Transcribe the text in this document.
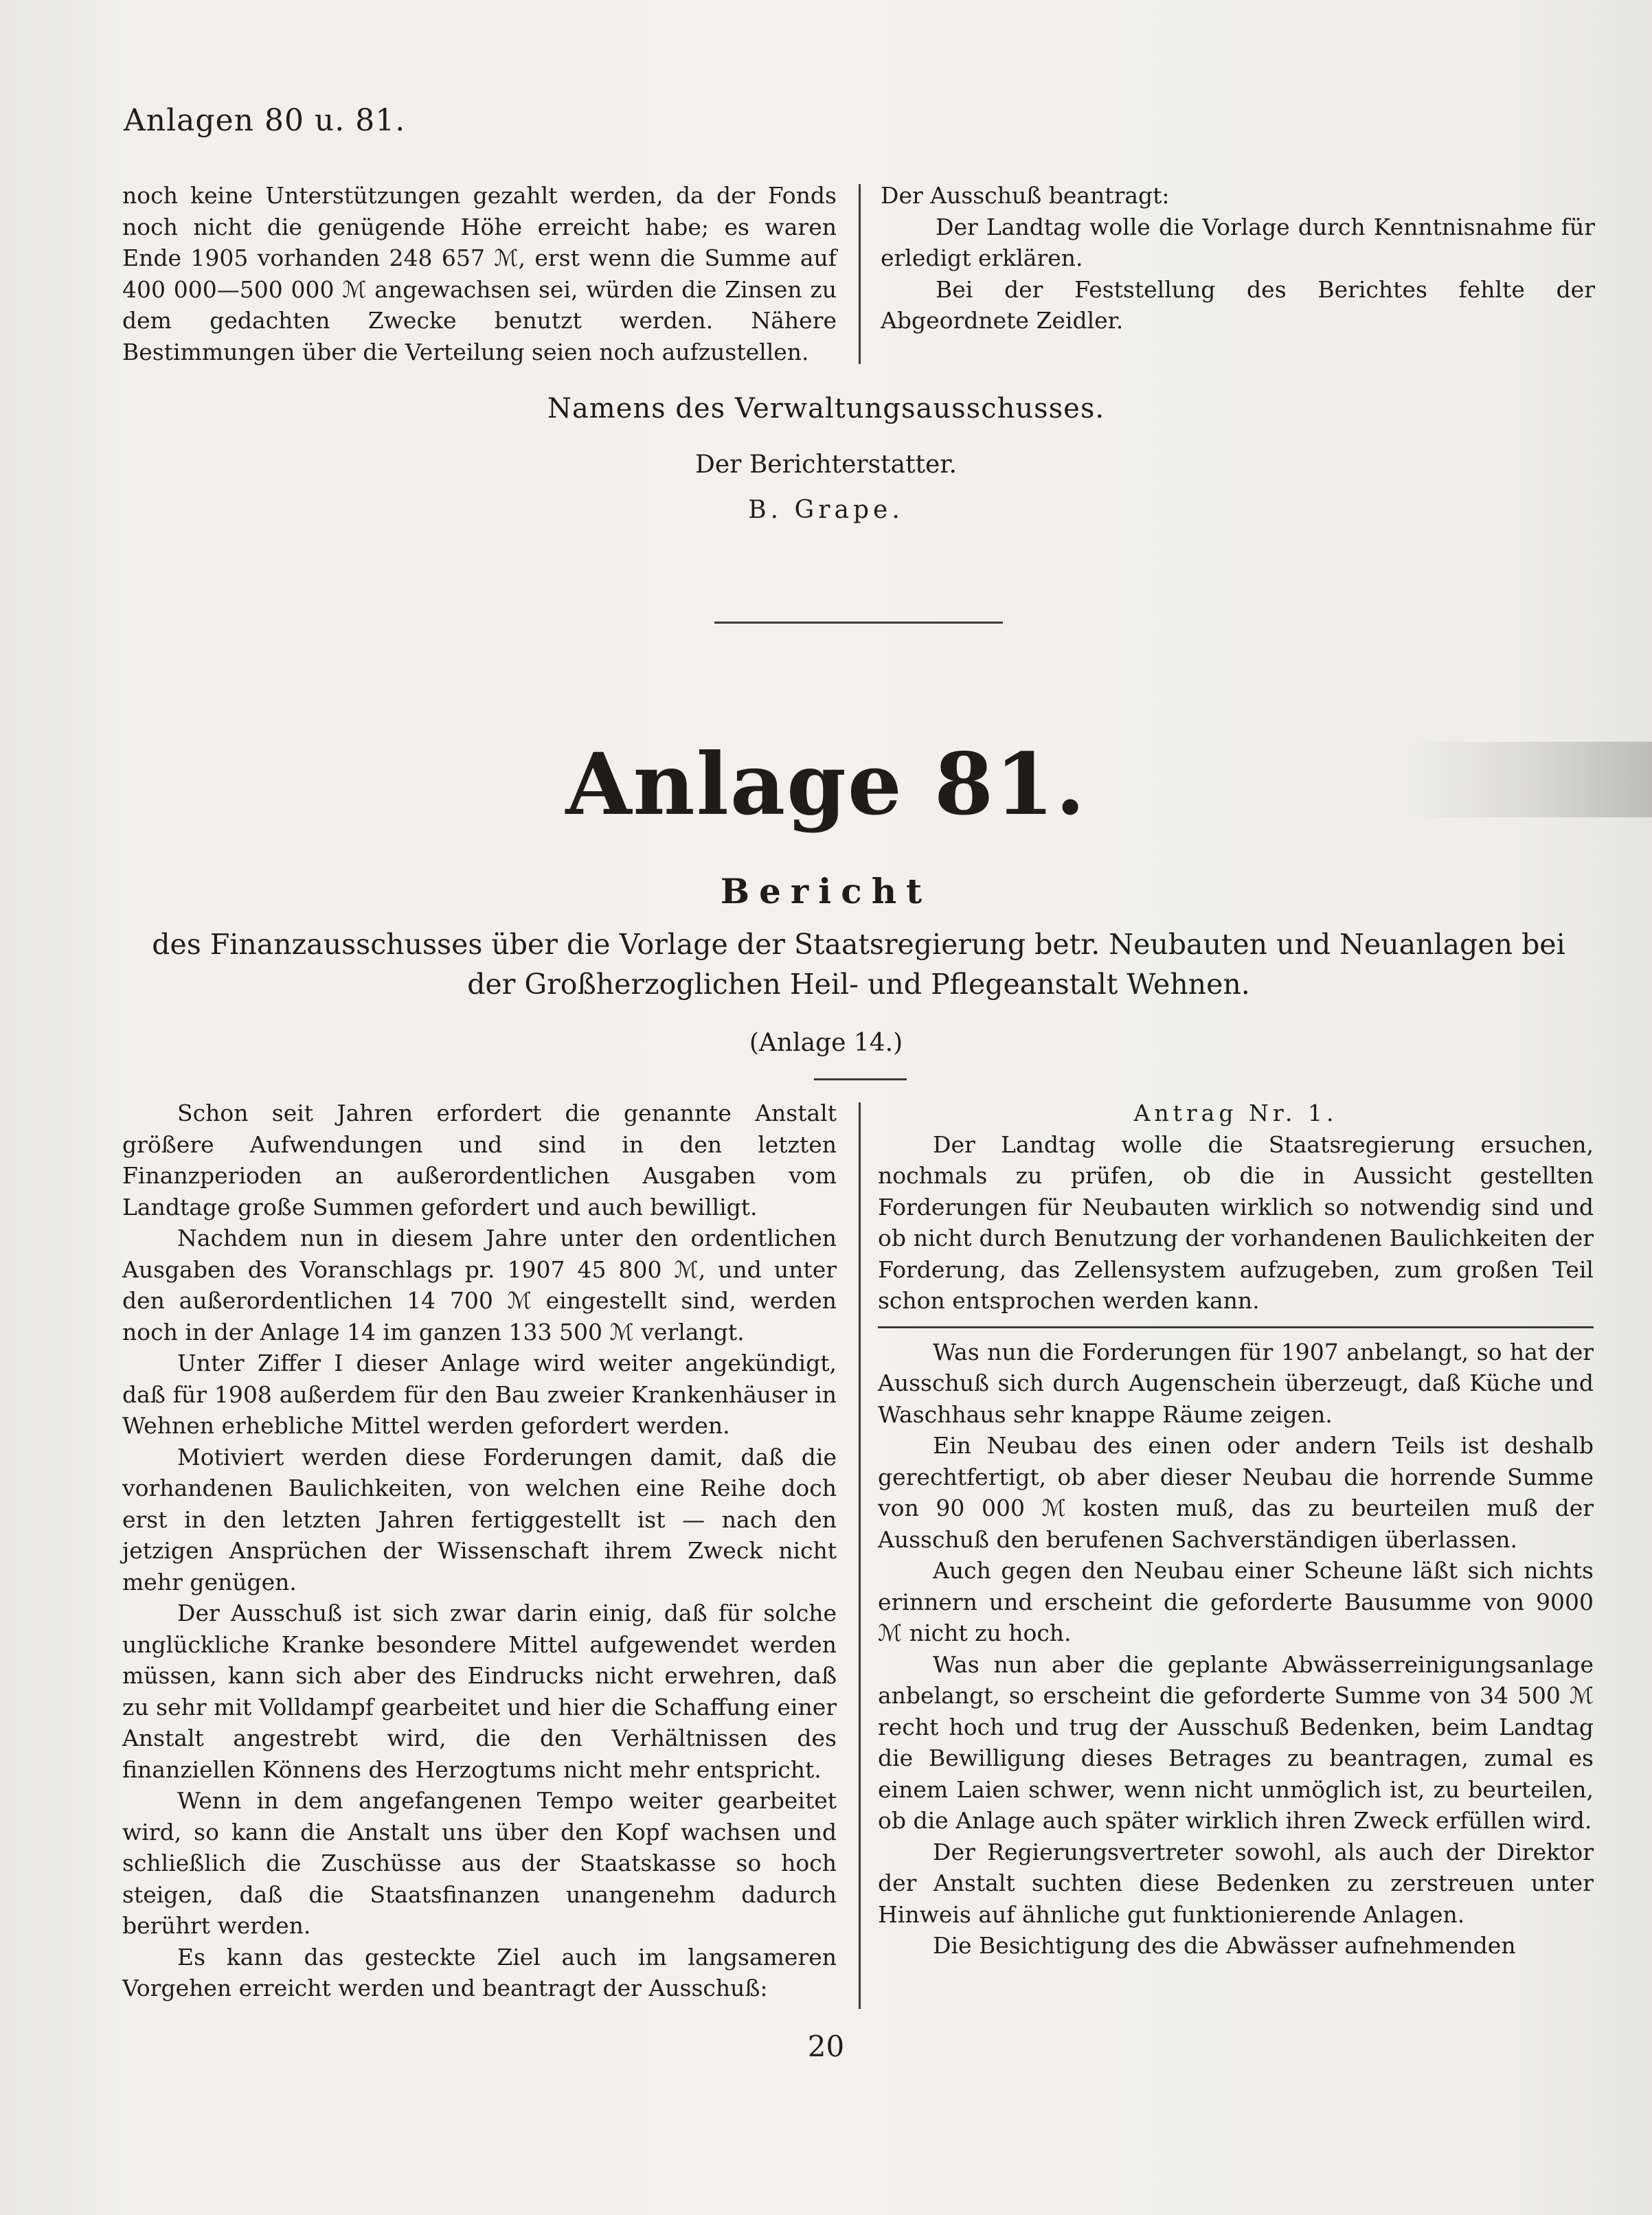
Anlagen 80 u. 81.

noch keine Unterstützungen gezahlt werden, da der Fonds noch nicht die genügende Höhe erreicht habe; es waren Ende 1905 vorhanden 248 657 ℳ, erst wenn die Summe auf 400 000—500 000 ℳ angewachsen sei, würden die Zinsen zu dem gedachten Zwecke benutzt werden. Nähere Bestimmungen über die Verteilung seien noch aufzustellen.

Der Ausschuß beantragt:

Der Landtag wolle die Vorlage durch Kenntnisnahme für erledigt erklären.

Bei der Feststellung des Berichtes fehlte der Abgeordnete Zeidler.

Namens des Verwaltungsausschusses.
Der Berichterstatter.
B. Grape.
Anlage 81.
Bericht
des Finanzausschusses über die Vorlage der Staatsregierung betr. Neubauten und Neuanlagen bei der Großherzoglichen Heil- und Pflegeanstalt Wehnen.
(Anlage 14.)

Schon seit Jahren erfordert die genannte Anstalt größere Aufwendungen und sind in den letzten Finanzperioden an außerordentlichen Ausgaben vom Landtage große Summen gefordert und auch bewilligt.

Nachdem nun in diesem Jahre unter den ordentlichen Ausgaben des Voranschlags pr. 1907 45 800 ℳ, und unter den außerordentlichen 14 700 ℳ eingestellt sind, werden noch in der Anlage 14 im ganzen 133 500 ℳ verlangt.

Unter Ziffer I dieser Anlage wird weiter angekündigt, daß für 1908 außerdem für den Bau zweier Krankenhäuser in Wehnen erhebliche Mittel werden gefordert werden.

Motiviert werden diese Forderungen damit, daß die vorhandenen Baulichkeiten, von welchen eine Reihe doch erst in den letzten Jahren fertiggestellt ist — nach den jetzigen Ansprüchen der Wissenschaft ihrem Zweck nicht mehr genügen.

Der Ausschuß ist sich zwar darin einig, daß für solche unglückliche Kranke besondere Mittel aufgewendet werden müssen, kann sich aber des Eindrucks nicht erwehren, daß zu sehr mit Volldampf gearbeitet und hier die Schaffung einer Anstalt angestrebt wird, die den Verhältnissen des finanziellen Könnens des Herzogtums nicht mehr entspricht.

Wenn in dem angefangenen Tempo weiter gearbeitet wird, so kann die Anstalt uns über den Kopf wachsen und schließlich die Zuschüsse aus der Staatskasse so hoch steigen, daß die Staatsfinanzen unangenehm dadurch berührt werden.

Es kann das gesteckte Ziel auch im langsameren Vorgehen erreicht werden und beantragt der Ausschuß:

Antrag Nr. 1.

Der Landtag wolle die Staatsregierung ersuchen, nochmals zu prüfen, ob die in Aussicht gestellten Forderungen für Neubauten wirklich so notwendig sind und ob nicht durch Benutzung der vorhandenen Baulichkeiten der Forderung, das Zellensystem aufzugeben, zum großen Teil schon entsprochen werden kann.

Was nun die Forderungen für 1907 anbelangt, so hat der Ausschuß sich durch Augenschein überzeugt, daß Küche und Waschhaus sehr knappe Räume zeigen.

Ein Neubau des einen oder andern Teils ist deshalb gerechtfertigt, ob aber dieser Neubau die horrende Summe von 90 000 ℳ kosten muß, das zu beurteilen muß der Ausschuß den berufenen Sachverständigen überlassen.

Auch gegen den Neubau einer Scheune läßt sich nichts erinnern und erscheint die geforderte Bausumme von 9000 ℳ nicht zu hoch.

Was nun aber die geplante Abwässerreinigungsanlage anbelangt, so erscheint die geforderte Summe von 34 500 ℳ recht hoch und trug der Ausschuß Bedenken, beim Landtag die Bewilligung dieses Betrages zu beantragen, zumal es einem Laien schwer, wenn nicht unmöglich ist, zu beurteilen, ob die Anlage auch später wirklich ihren Zweck erfüllen wird.

Der Regierungsvertreter sowohl, als auch der Direktor der Anstalt suchten diese Bedenken zu zerstreuen unter Hinweis auf ähnliche gut funktionierende Anlagen.

Die Besichtigung des die Abwässer aufnehmenden

20
